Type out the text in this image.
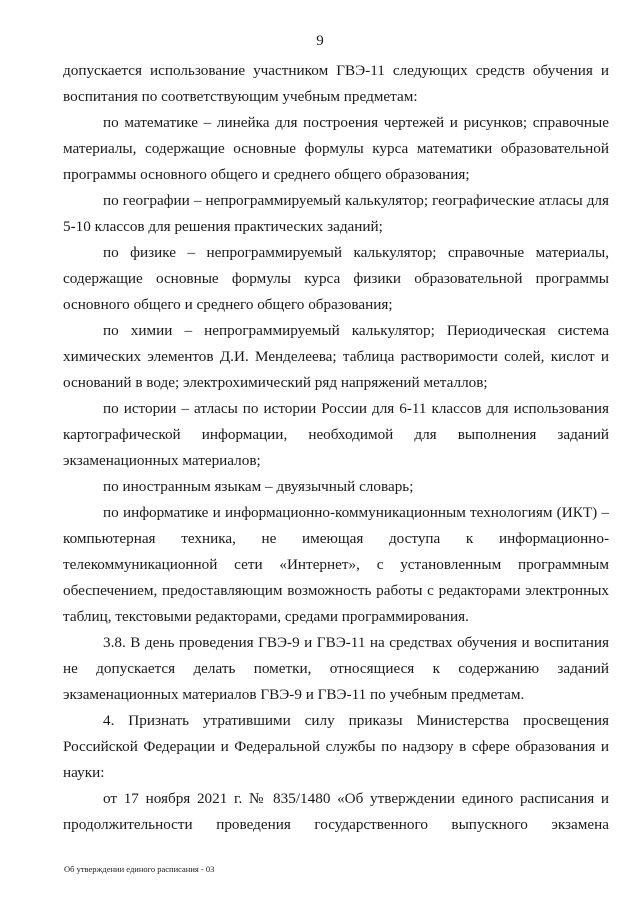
9

допускается использование участником ГВЭ-11 следующих средств обучения и воспитания по соответствующим учебным предметам:

по математике – линейка для построения чертежей и рисунков; справочные материалы, содержащие основные формулы курса математики образовательной программы основного общего и среднего общего образования;

по географии – непрограммируемый калькулятор; географические атласы для 5-10 классов для решения практических заданий;

по физике – непрограммируемый калькулятор; справочные материалы, содержащие основные формулы курса физики образовательной программы основного общего и среднего общего образования;

по химии – непрограммируемый калькулятор; Периодическая система химических элементов Д.И. Менделеева; таблица растворимости солей, кислот и оснований в воде; электрохимический ряд напряжений металлов;

по истории – атласы по истории России для 6-11 классов для использования картографической информации, необходимой для выполнения заданий экзаменационных материалов;

по иностранным языкам – двуязычный словарь;

по информатике и информационно-коммуникационным технологиям (ИКТ) – компьютерная техника, не имеющая доступа к информационно-телекоммуникационной сети «Интернет», с установленным программным обеспечением, предоставляющим возможность работы с редакторами электронных таблиц, текстовыми редакторами, средами программирования.

3.8. В день проведения ГВЭ-9 и ГВЭ-11 на средствах обучения и воспитания не допускается делать пометки, относящиеся к содержанию заданий экзаменационных материалов ГВЭ-9 и ГВЭ-11 по учебным предметам.

4. Признать утратившими силу приказы Министерства просвещения Российской Федерации и Федеральной службы по надзору в сфере образования и науки:

от 17 ноября 2021 г. № 835/1480 «Об утверждении единого расписания и продолжительности проведения государственного выпускного экзамена

Об утверждении единого расписания - 03
